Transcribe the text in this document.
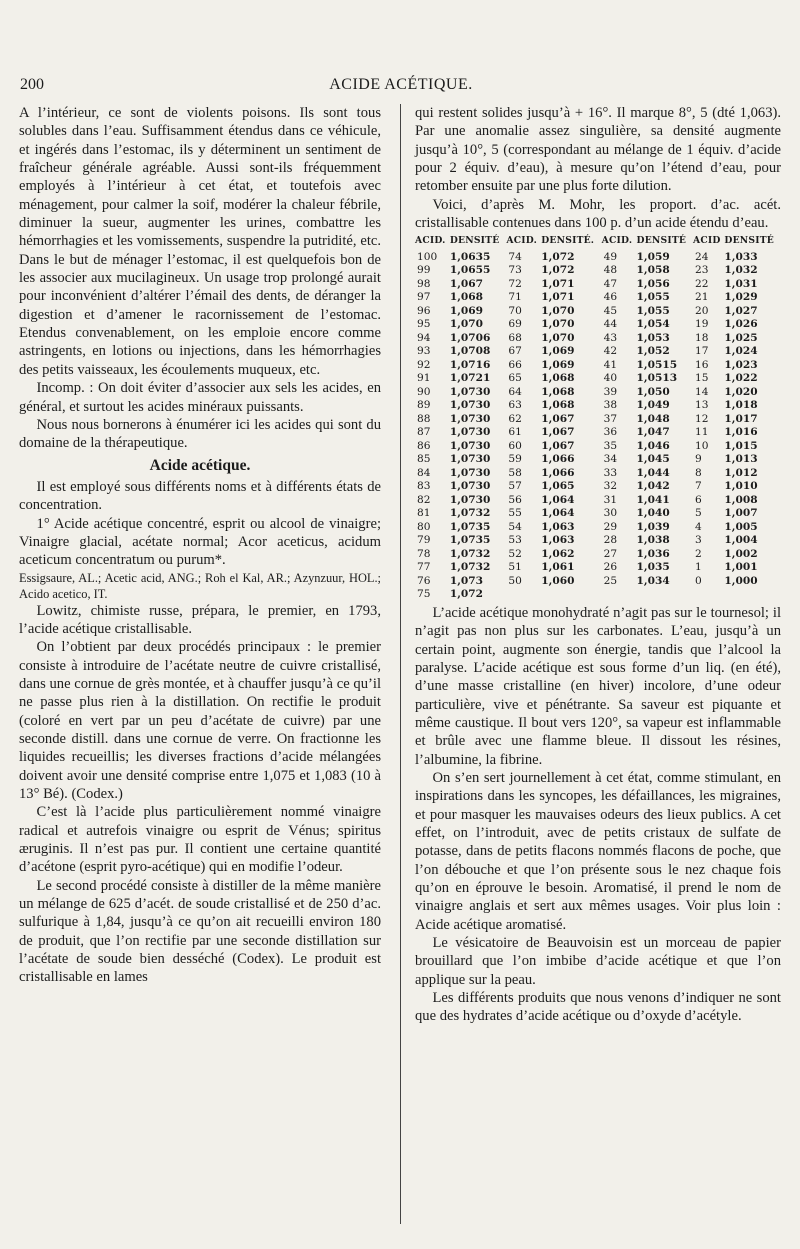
200	ACIDE ACÉTIQUE.

A l’intérieur, ce sont de violents poisons. Ils sont tous solubles dans l’eau. Suffisamment étendus dans ce véhicule, et ingérés dans l’estomac, ils y déterminent un sentiment de fraîcheur générale agréable. Aussi sont-ils fréquemment employés à l’intérieur à cet état, et toutefois avec ménagement, pour calmer la soif, modérer la chaleur fébrile, diminuer la sueur, augmenter les urines, combattre les hémorrhagies et les vomissements, suspendre la putridité, etc. Dans le but de ménager l’estomac, il est quelquefois bon de les associer aux mucilagineux. Un usage trop prolongé aurait pour inconvénient d’altérer l’émail des dents, de déranger la digestion et d’amener le racornissement de l’estomac. Etendus convenablement, on les emploie encore comme astringents, en lotions ou injections, dans les hémorrhagies des petits vaisseaux, les écoulements muqueux, etc.

Incomp. : On doit éviter d’associer aux sels les acides, en général, et surtout les acides minéraux puissants.

Nous nous bornerons à énumérer ici les acides qui sont du domaine de la thérapeutique.

Acide acétique.

Il est employé sous différents noms et à différents états de concentration.

1° Acide acétique concentré, esprit ou alcool de vinaigre; Vinaigre glacial, acétate normal; Acor aceticus, acidum aceticum concentratum ou purum*.

Essigsaure, AL.; Acetic acid, ANG.; Roh el Kal, AR.; Azynzuur, HOL.; Acido acetico, IT.

Lowitz, chimiste russe, prépara, le premier, en 1793, l’acide acétique cristallisable.

On l’obtient par deux procédés principaux : le premier consiste à introduire de l’acétate neutre de cuivre cristallisé, dans une cornue de grès montée, et à chauffer jusqu’à ce qu’il ne passe plus rien à la distillation. On rectifie le produit (coloré en vert par un peu d’acétate de cuivre) par une seconde distill. dans une cornue de verre. On fractionne les liquides recueillis; les diverses fractions d’acide mélangées doivent avoir une densité comprise entre 1,075 et 1,083 (10 à 13° Bé). (Codex.)

C’est là l’acide plus particulièrement nommé vinaigre radical et autrefois vinaigre ou esprit de Vénus; spiritus æruginis. Il n’est pas pur. Il contient une certaine quantité d’acétone (esprit pyro-acétique) qui en modifie l’odeur.

Le second procédé consiste à distiller de la même manière un mélange de 625 d’acét. de soude cristallisé et de 250 d’ac. sulfurique à 1,84, jusqu’à ce qu’on ait recueilli environ 180 de produit, que l’on rectifie par une seconde distillation sur l’acétate de soude bien desséché (Codex). Le produit est cristallisable en lames

qui restent solides jusqu’à + 16°. Il marque 8°, 5 (dté 1,063). Par une anomalie assez singulière, sa densité augmente jusqu’à 10°, 5 (correspondant au mélange de 1 équiv. d’acide pour 2 équiv. d’eau), à mesure qu’on l’étend d’eau, pour retomber ensuite par une plus forte dilution.

Voici, d’après M. Mohr, les proport. d’ac. acét. cristallisable contenues dans 100 p. d’un acide étendu d’eau.

ACID.	DENSITÉ	ACID.	DENSITÉ.	ACID.	DENSITÉ	ACID	DENSITÉ
100	1,0635	74	1,072	49	1,059	24	1,033
99	1,0655	73	1,072	48	1,058	23	1,032
98	1,067	72	1,071	47	1,056	22	1,031
97	1,068	71	1,071	46	1,055	21	1,029
96	1,069	70	1,070	45	1,055	20	1,027
95	1,070	69	1,070	44	1,054	19	1,026
94	1,0706	68	1,070	43	1,053	18	1,025
93	1,0708	67	1,069	42	1,052	17	1,024
92	1,0716	66	1,069	41	1,0515	16	1,023
91	1,0721	65	1,068	40	1,0513	15	1,022
90	1,0730	64	1,068	39	1,050	14	1,020
89	1,0730	63	1,068	38	1,049	13	1,018
88	1,0730	62	1,067	37	1,048	12	1,017
87	1,0730	61	1,067	36	1,047	11	1,016
86	1,0730	60	1,067	35	1,046	10	1,015
85	1,0730	59	1,066	34	1,045	9	1,013
84	1,0730	58	1,066	33	1,044	8	1,012
83	1,0730	57	1,065	32	1,042	7	1,010
82	1,0730	56	1,064	31	1,041	6	1,008
81	1,0732	55	1,064	30	1,040	5	1,007
80	1,0735	54	1,063	29	1,039	4	1,005
79	1,0735	53	1,063	28	1,038	3	1,004
78	1,0732	52	1,062	27	1,036	2	1,002
77	1,0732	51	1,061	26	1,035	1	1,001
76	1,073	50	1,060	25	1,034	0	1,000
75	1,072						

L’acide acétique monohydraté n’agit pas sur le tournesol; il n’agit pas non plus sur les carbonates. L’eau, jusqu’à un certain point, augmente son énergie, tandis que l’alcool la paralyse. L’acide acétique est sous forme d’un liq. (en été), d’une masse cristalline (en hiver) incolore, d’une odeur particulière, vive et pénétrante. Sa saveur est piquante et même caustique. Il bout vers 120°, sa vapeur est inflammable et brûle avec une flamme bleue. Il dissout les résines, l’albumine, la fibrine.

On s’en sert journellement à cet état, comme stimulant, en inspirations dans les syncopes, les défaillances, les migraines, et pour masquer les mauvaises odeurs des lieux publics. A cet effet, on l’introduit, avec de petits cristaux de sulfate de potasse, dans de petits flacons nommés flacons de poche, que l’on débouche et que l’on présente sous le nez chaque fois qu’on en éprouve le besoin. Aromatisé, il prend le nom de vinaigre anglais et sert aux mêmes usages. Voir plus loin : Acide acétique aromatisé.

Le vésicatoire de Beauvoisin est un morceau de papier brouillard que l’on imbibe d’acide acétique et que l’on applique sur la peau.

Les différents produits que nous venons d’indiquer ne sont que des hydrates d’acide acétique ou d’oxyde d’acétyle.
